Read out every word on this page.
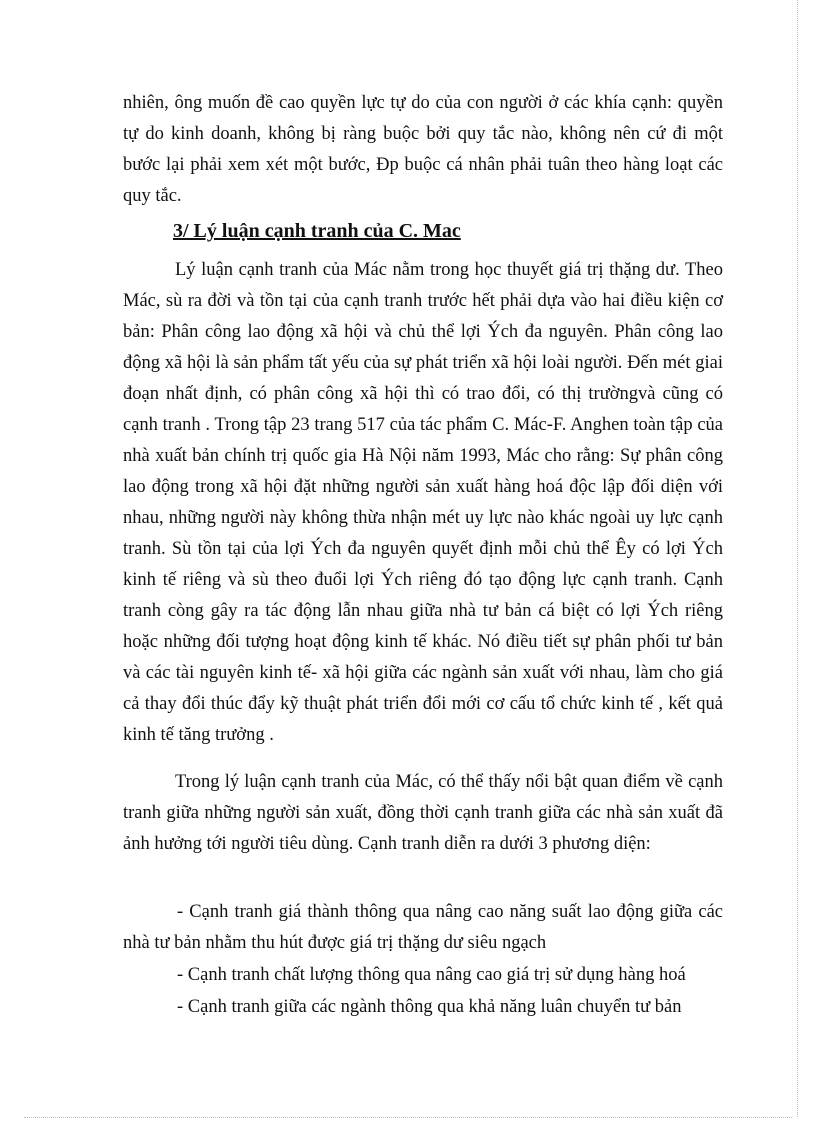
nhiên, ông muốn đề cao quyền lực tự do của con người ở các khía cạnh: quyền tự do kinh doanh, không bị ràng buộc bởi quy tắc nào, không nên cứ đi một bước lại phải xem xét một bước, Đp buộc cá nhân phải tuân theo hàng loạt các quy tắc.

3/ Lý luận cạnh tranh của C. Mac

Lý luận cạnh tranh của Mác nằm trong học thuyết giá trị thặng dư. Theo Mác, sù ra đời và tồn tại của cạnh tranh trước hết phải dựa vào hai điều kiện cơ bản: Phân công lao động xã hội và chủ thể lợi Ých đa nguyên. Phân công lao động xã hội là sản phẩm tất yếu của sự phát triển xã hội loài người. Đến mét giai đoạn nhất định, có phân công xã hội thì có trao đổi, có thị trườngvà cũng có cạnh tranh . Trong tập 23 trang 517 của tác phẩm C. Mác-F. Anghen toàn tập của nhà xuất bản chính trị quốc gia Hà Nội năm 1993, Mác cho rằng: Sự phân công lao động trong xã hội đặt những người sản xuất hàng hoá độc lập đối diện với nhau, những người này không thừa nhận mét uy lực nào khác ngoài uy lực cạnh tranh. Sù tồn tại của lợi Ých đa nguyên quyết định mỗi chủ thể Êy có lợi Ých kinh tế riêng và sù theo đuổi lợi Ých riêng đó tạo động lực cạnh tranh. Cạnh tranh còng gây ra tác động lẫn nhau giữa nhà tư bản cá biệt có lợi Ých riêng hoặc những đối tượng hoạt động kinh tế khác. Nó điều tiết sự phân phối tư bản và các tài nguyên kinh tế- xã hội giữa các ngành sản xuất với nhau, làm cho giá cả thay đổi thúc đẩy kỹ thuật phát triển đổi mới cơ cấu tổ chức kinh tế , kết quả kinh tế tăng trưởng .

Trong lý luận cạnh tranh của Mác, có thể thấy nổi bật quan điểm về cạnh tranh giữa những người sản xuất, đồng thời cạnh tranh giữa các nhà sản xuất đã ảnh hưởng tới người tiêu dùng. Cạnh tranh diễn ra dưới 3 phương diện:

- Cạnh tranh giá thành thông qua nâng cao năng suất lao động giữa các nhà tư bản nhằm thu hút được giá trị thặng dư siêu ngạch

- Cạnh tranh chất lượng thông qua nâng cao giá trị sử dụng hàng hoá

- Cạnh tranh giữa các ngành thông qua khả năng luân chuyển tư bản
